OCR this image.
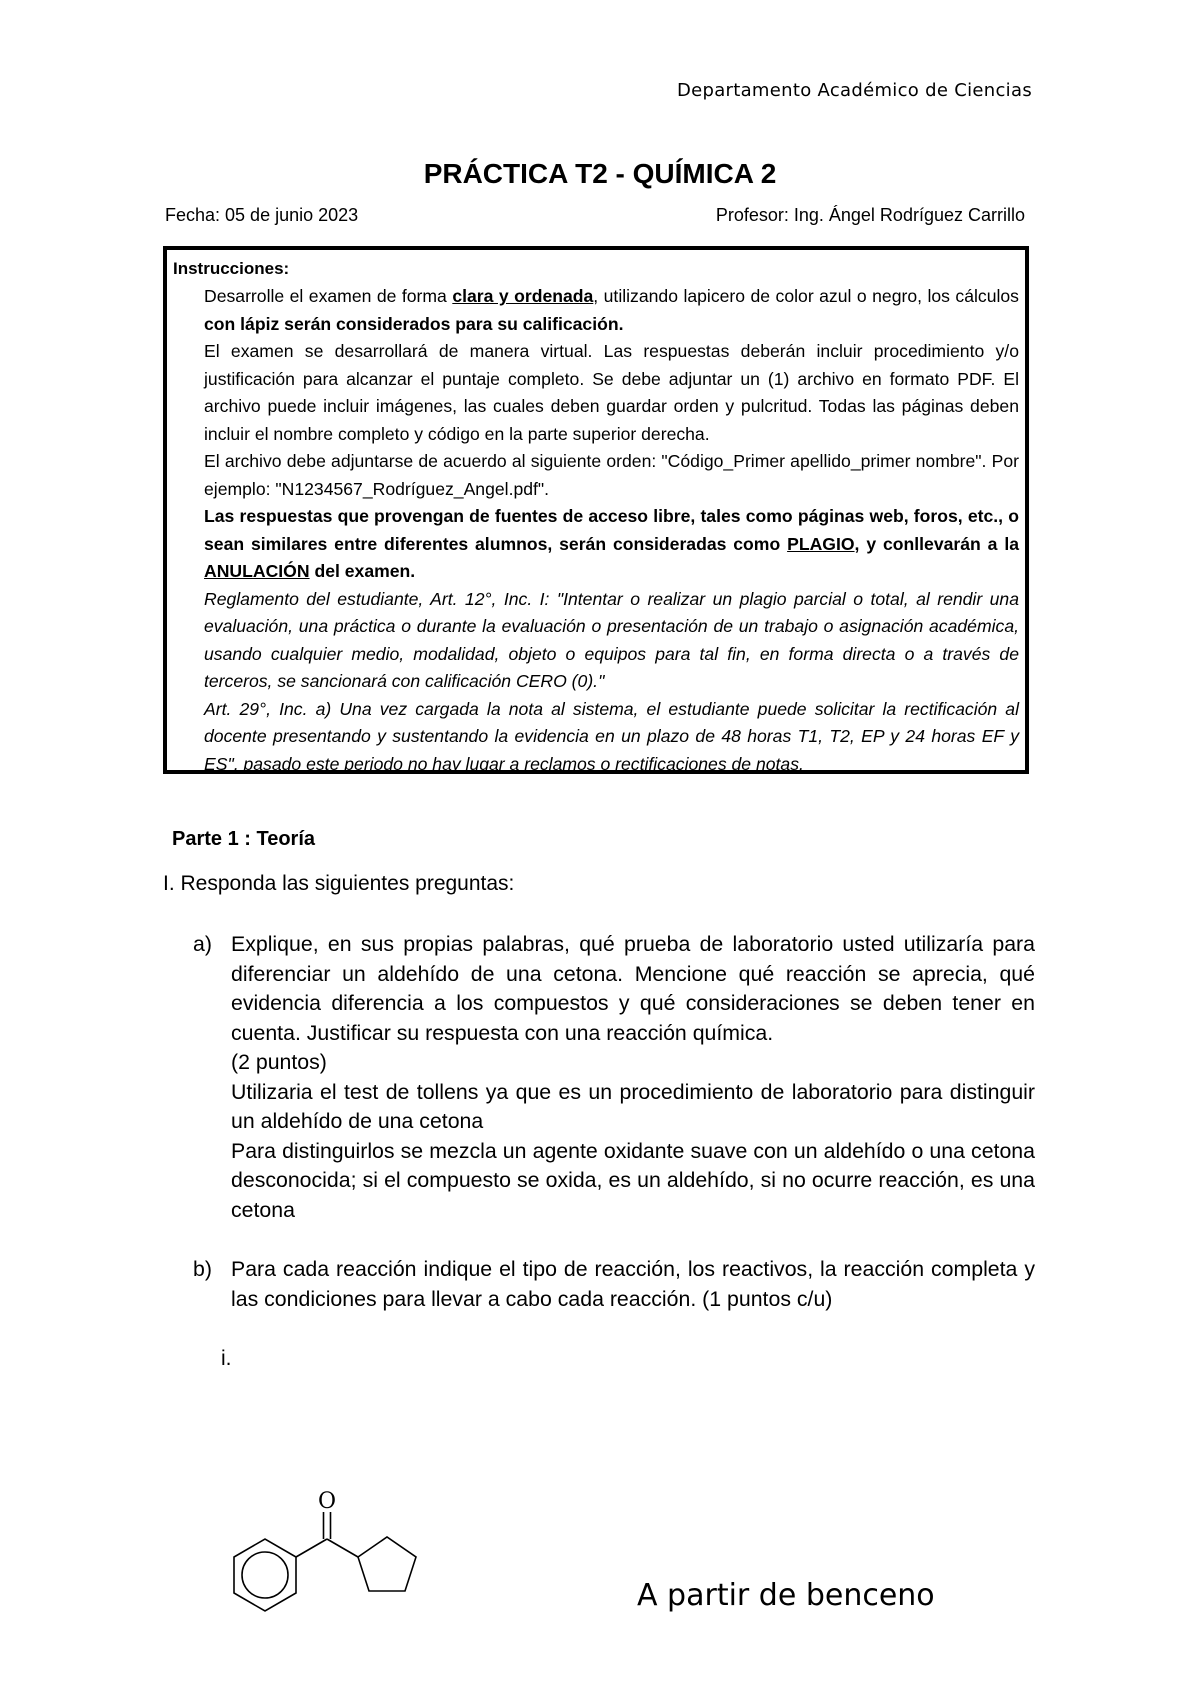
Departamento Académico de Ciencias
PRÁCTICA T2 - QUÍMICA 2
Fecha: 05 de junio 2023	Profesor: Ing. Ángel Rodríguez Carrillo
Instrucciones:

Desarrolle el examen de forma clara y ordenada, utilizando lapicero de color azul o negro, los cálculos con lápiz serán considerados para su calificación.

El examen se desarrollará de manera virtual. Las respuestas deberán incluir procedimiento y/o justificación para alcanzar el puntaje completo. Se debe adjuntar un (1) archivo en formato PDF. El archivo puede incluir imágenes, las cuales deben guardar orden y pulcritud. Todas las páginas deben incluir el nombre completo y código en la parte superior derecha.

El archivo debe adjuntarse de acuerdo al siguiente orden: "Código_Primer apellido_primer nombre". Por ejemplo: "N1234567_Rodríguez_Angel.pdf".

Las respuestas que provengan de fuentes de acceso libre, tales como páginas web, foros, etc., o sean similares entre diferentes alumnos, serán consideradas como PLAGIO, y conllevarán a la ANULACIÓN del examen.

Reglamento del estudiante, Art. 12°, Inc. I: "Intentar o realizar un plagio parcial o total, al rendir una evaluación, una práctica o durante la evaluación o presentación de un trabajo o asignación académica, usando cualquier medio, modalidad, objeto o equipos para tal fin, en forma directa o a través de terceros, se sancionará con calificación CERO (0)."

Art. 29°, Inc. a) Una vez cargada la nota al sistema, el estudiante puede solicitar la rectificación al docente presentando y sustentando la evidencia en un plazo de 48 horas T1, T2, EP y 24 horas EF y ES", pasado este periodo no hay lugar a reclamos o rectificaciones de notas.

Parte 1 : Teoría
I. Responda las siguientes preguntas:
a) Explique, en sus propias palabras, qué prueba de laboratorio usted utilizaría para diferenciar un aldehído de una cetona. Mencione qué reacción se aprecia, qué evidencia diferencia a los compuestos y qué consideraciones se deben tener en cuenta. Justificar su respuesta con una reacción química.
(2 puntos)
Utilizaria el test de tollens ya que es un procedimiento de laboratorio para distinguir un aldehído de una cetona
Para distinguirlos se mezcla un agente oxidante suave con un aldehído o una cetona desconocida; si el compuesto se oxida, es un aldehído, si no ocurre reacción, es una cetona
b) Para cada reacción indique el tipo de reacción, los reactivos, la reacción completa y las condiciones para llevar a cabo cada reacción. (1 puntos c/u)
i.
O
A partir de benceno
